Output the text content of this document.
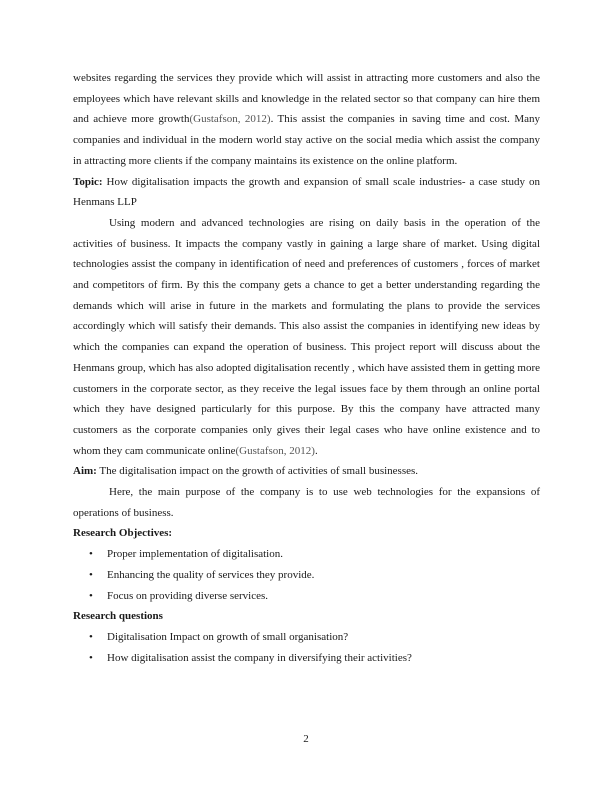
websites regarding the services they provide which will assist in attracting more customers and also the employees which have relevant skills and knowledge in the related sector so that company can hire them and achieve more growth(Gustafson, 2012). This assist the companies in saving time and cost. Many companies and individual in the modern world stay active on the social media which assist the company in attracting more clients if the company maintains its existence on the online platform.

Topic: How digitalisation impacts the growth and expansion of small scale industries- a case study on Henmans LLP

Using modern and advanced technologies are rising on daily basis in the operation of the activities of business. It impacts the company vastly in gaining a large share of market. Using digital technologies assist the company in identification of need and preferences of customers , forces of market and competitors of firm. By this the company gets a chance to get a better understanding regarding the demands which will arise in future in the markets and formulating the plans to provide the services accordingly which will satisfy their demands. This also assist the companies in identifying new ideas by which the companies can expand the operation of business. This project report will discuss about the Henmans group, which has also adopted digitalisation recently , which have assisted them in getting more customers in the corporate sector, as they receive the legal issues face by them through an online portal which they have designed particularly for this purpose. By this the company have attracted many customers as the corporate companies only gives their legal cases who have online existence and to whom they cam communicate online(Gustafson, 2012).

Aim: The digitalisation impact on the growth of activities of small businesses.

Here, the main purpose of the company is to use web technologies for the expansions of operations of business.

Research Objectives:

• Proper implementation of digitalisation.
• Enhancing the quality of services they provide.
• Focus on providing diverse services.

Research questions

• Digitalisation Impact on growth of small organisation?
• How digitalisation assist the company in diversifying their activities?
2
